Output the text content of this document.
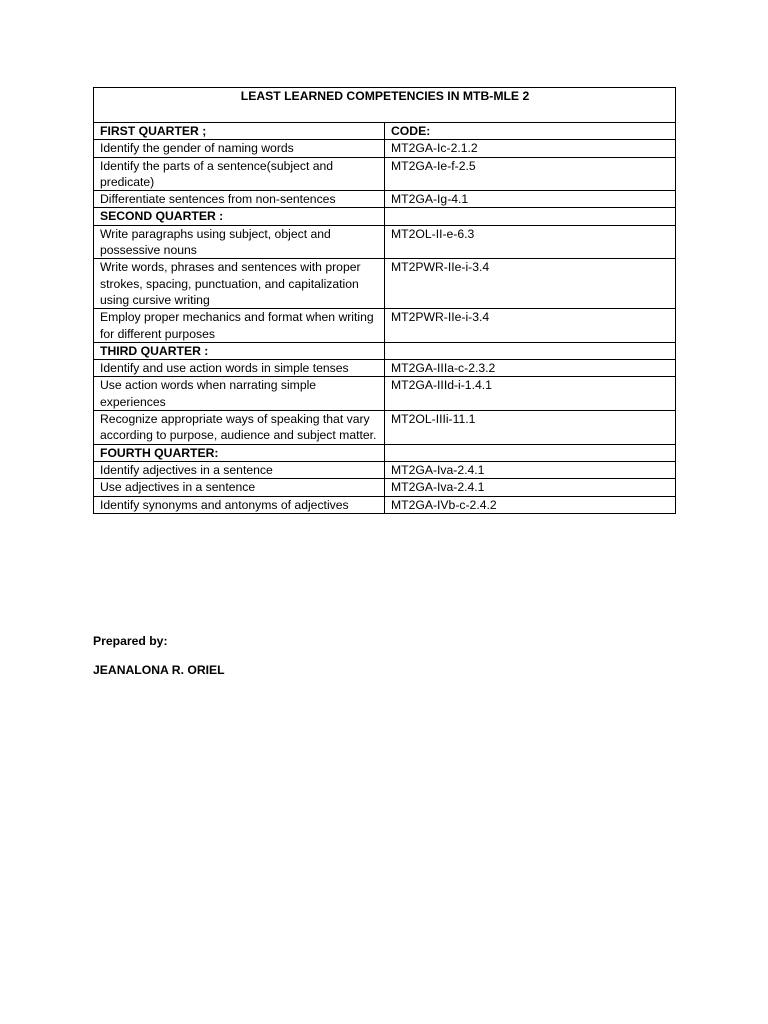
LEAST LEARNED COMPETENCIES IN MTB-MLE 2	
FIRST QUARTER ;	CODE:
Identify the gender of naming words	MT2GA-Ic-2.1.2
Identify the parts of a sentence(subject and predicate)	MT2GA-Ie-f-2.5
Differentiate sentences from non-sentences	MT2GA-Ig-4.1
SECOND QUARTER :	
Write paragraphs using subject, object and possessive nouns	MT2OL-II-e-6.3
Write words, phrases and sentences with proper strokes, spacing, punctuation, and capitalization using cursive writing	MT2PWR-IIe-i-3.4
Employ proper mechanics and format when writing for different purposes	MT2PWR-IIe-i-3.4
THIRD QUARTER :	
Identify and use action words in simple tenses	MT2GA-IIIa-c-2.3.2
Use action words when narrating simple experiences	MT2GA-IIId-i-1.4.1
Recognize appropriate ways of speaking that vary according to purpose, audience and subject matter.	MT2OL-IIIi-11.1
FOURTH QUARTER:	
Identify adjectives in a sentence	MT2GA-Iva-2.4.1
Use adjectives in a sentence	MT2GA-Iva-2.4.1
Identify synonyms and antonyms of adjectives	MT2GA-IVb-c-2.4.2
Prepared by:
JEANALONA R. ORIEL
